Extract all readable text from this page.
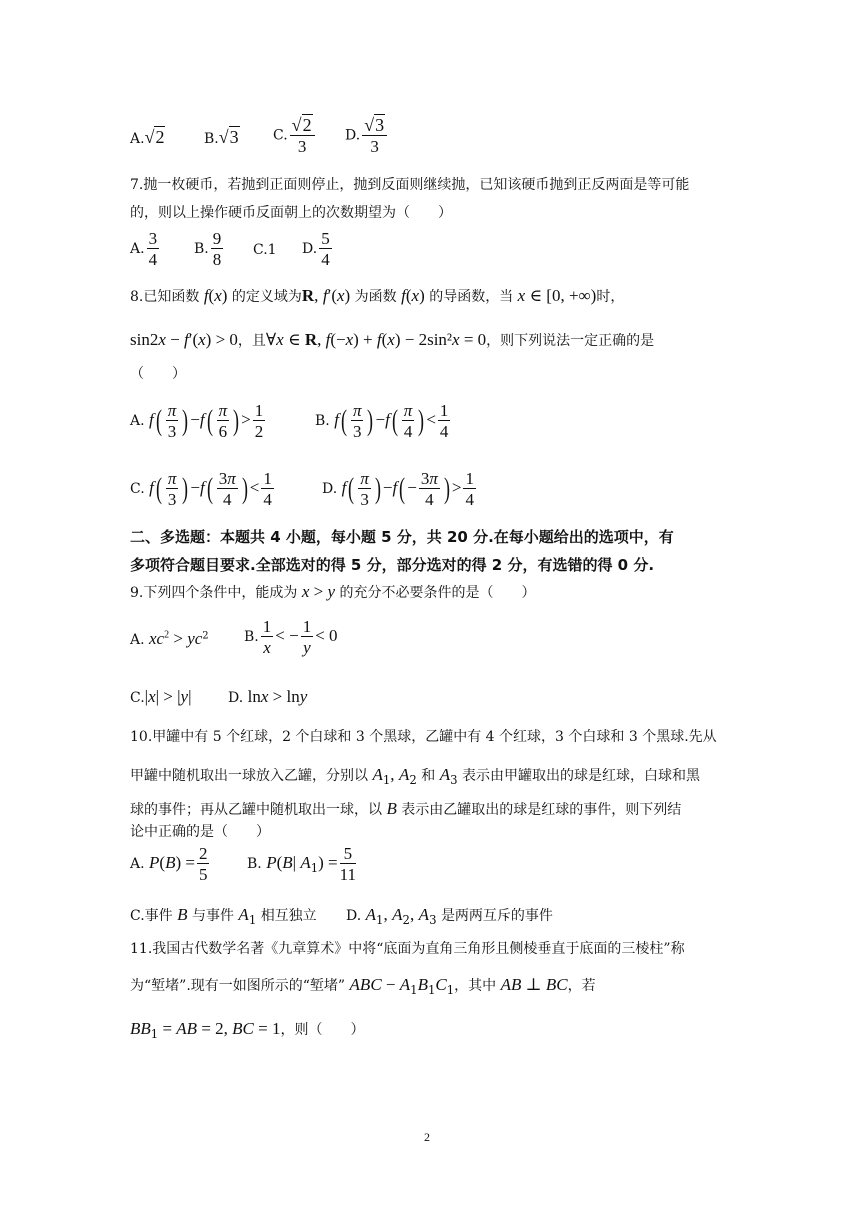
A.√2	B.√3 C. $\frac{√2}{3} D$. $\frac{√3}{3}$
7.抛一枚硬币，若抛到正面则停止，抛到反面则继续抛，已知该硬币抛到正反两面是等可能
的，则以上操作硬币反面朝上的次数期望为（　　）
A. $\frac{3}{4} B$. $\frac{9}{8} C.1$ D. $\frac{5}{4}$
8.已知函数 f(x) 的定义域为R, f′(x) 为函数 f(x) 的导函数，当 x ∈ [0, +∞)时，
sin2x − f′(x) > 0，且∀x ∈ R, f(−x) + f(x) − 2sin²x = 0，则下列说法一定正确的是
（　　）
A. $f( \frac{\pi}{3}$ ) $-f( \frac{\pi}{6}$ ) > $\frac{1}{2}$	B. $f( \frac{\pi}{3}$ ) $-f( \frac{\pi}{4}$ ) < $\frac{1}{4}$
C. $f( \frac{\pi}{3}$ ) $-f( \frac{3\pi}{4}$ ) < $\frac{1}{4}$	D. $f( \frac{\pi}{3}$ ) $-f( - \frac{3\pi}{4}$ ) > $\frac{1}{4}$
二、多选题：本题共 4 小题，每小题 5 分，共 20 分.在每小题给出的选项中，有
多项符合题目要求.全部选对的得 5 分，部分选对的得 2 分，有选错的得 0 分.
9.下列四个条件中，能成为 x > y 的充分不必要条件的是（　　）
A. $xc^2 > yc^2$	B. $\frac{1}{x}$ < − $\frac{1}{y} < 0$
C.|x| > |y|	D. lnx > lny
10.甲罐中有 5 个红球，2 个白球和 3 个黑球，乙罐中有 4 个红球，3 个白球和 3 个黑球.先从
甲罐中随机取出一球放入乙罐，分别以 $A_1$, $A_2$ 和 $A_3$ 表示由甲罐取出的球是红球，白球和黑
球的事件；再从乙罐中随机取出一球，以 B 表示由乙罐取出的球是红球的事件，则下列结
论中正确的是（　　）
A. $P(B) = \frac{2}{5}$	B. P(B| $A_1) = \frac{5}{11}$
C.事件 B 与事件 $A_1$ 相互独立 D. $A_1$, $A_2$, $A_3$ 是两两互斥的事件
11.我国古代数学名著《九章算术》中将“底面为直角三角形且侧棱垂直于底面的三棱柱”称
为“堑堵”.现有一如图所示的“堑堵” ABC − $A_1B_1C_1$，其中 AB ⊥ BC，若
$BB_1$ = AB = 2, BC = 1，则（　　）
2
